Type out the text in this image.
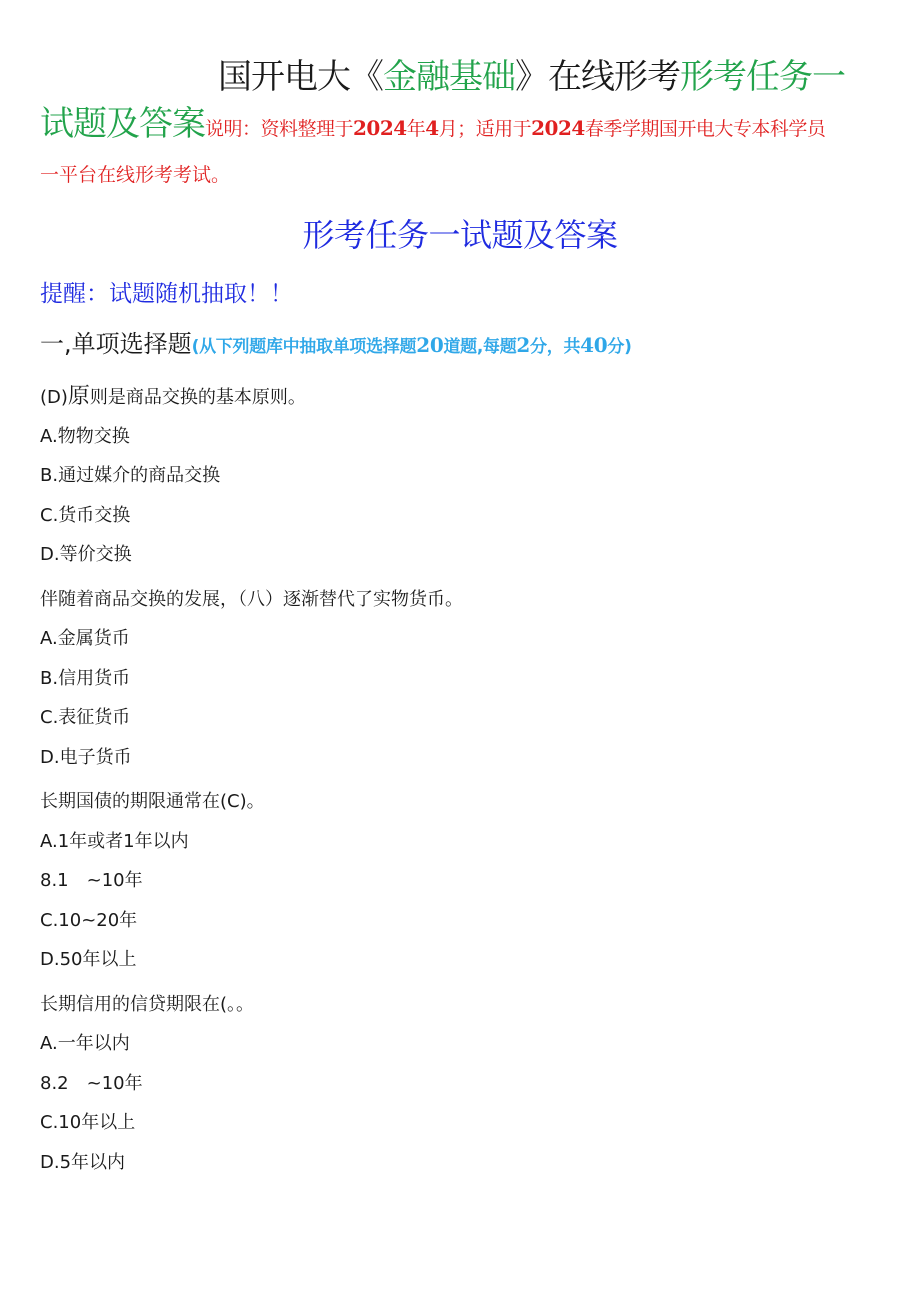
国开电大《金融基础》在线形考形考任务一
试题及答案说明：资料整理于2024年4月；适用于2024春季学期国开电大专本科学员
一平台在线形考考试。
形考任务一试题及答案
提醒：试题随机抽取！！
一,单项选择题(从下列题库中抽取单项选择题20道题,每题2分，共40分)
(D)原则是商品交换的基本原则。
A.物物交换
B.通过媒介的商品交换
C.货币交换
D.等价交换
伴随着商品交换的发展，（八）逐渐替代了实物货币。
A.金属货币
B.信用货币
C.表征货币
D.电子货币
长期国债的期限通常在(C)。
A.1年或者1年以内
8.1　~10年
C.10~20年
D.50年以上
长期信用的信贷期限在(。。
A.一年以内
8.2　~10年
C.10年以上
D.5年以内
